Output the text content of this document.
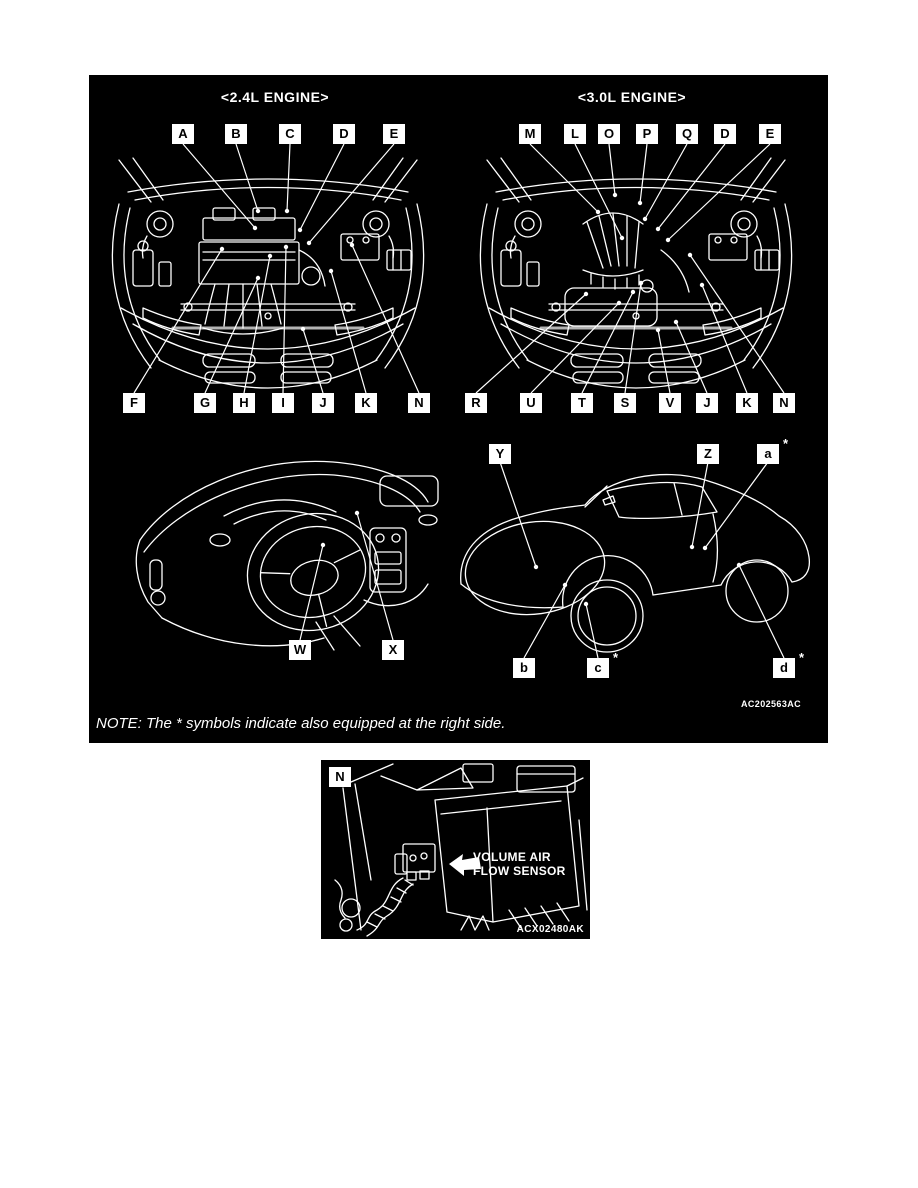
<2.4L ENGINE>	<3.0L ENGINE>
A	B	C	D	E
F	G	H	I	J	K	N
M	L	O	P	Q	D	E
R	U	T	S	V	J	K	N
W	X
Y	Z	a
*
b	c
*
d
*
AC202563AC
NOTE: The * symbols indicate also equipped at the right side.
N
VOLUME AIR
FLOW SENSOR
ACX02480AK
